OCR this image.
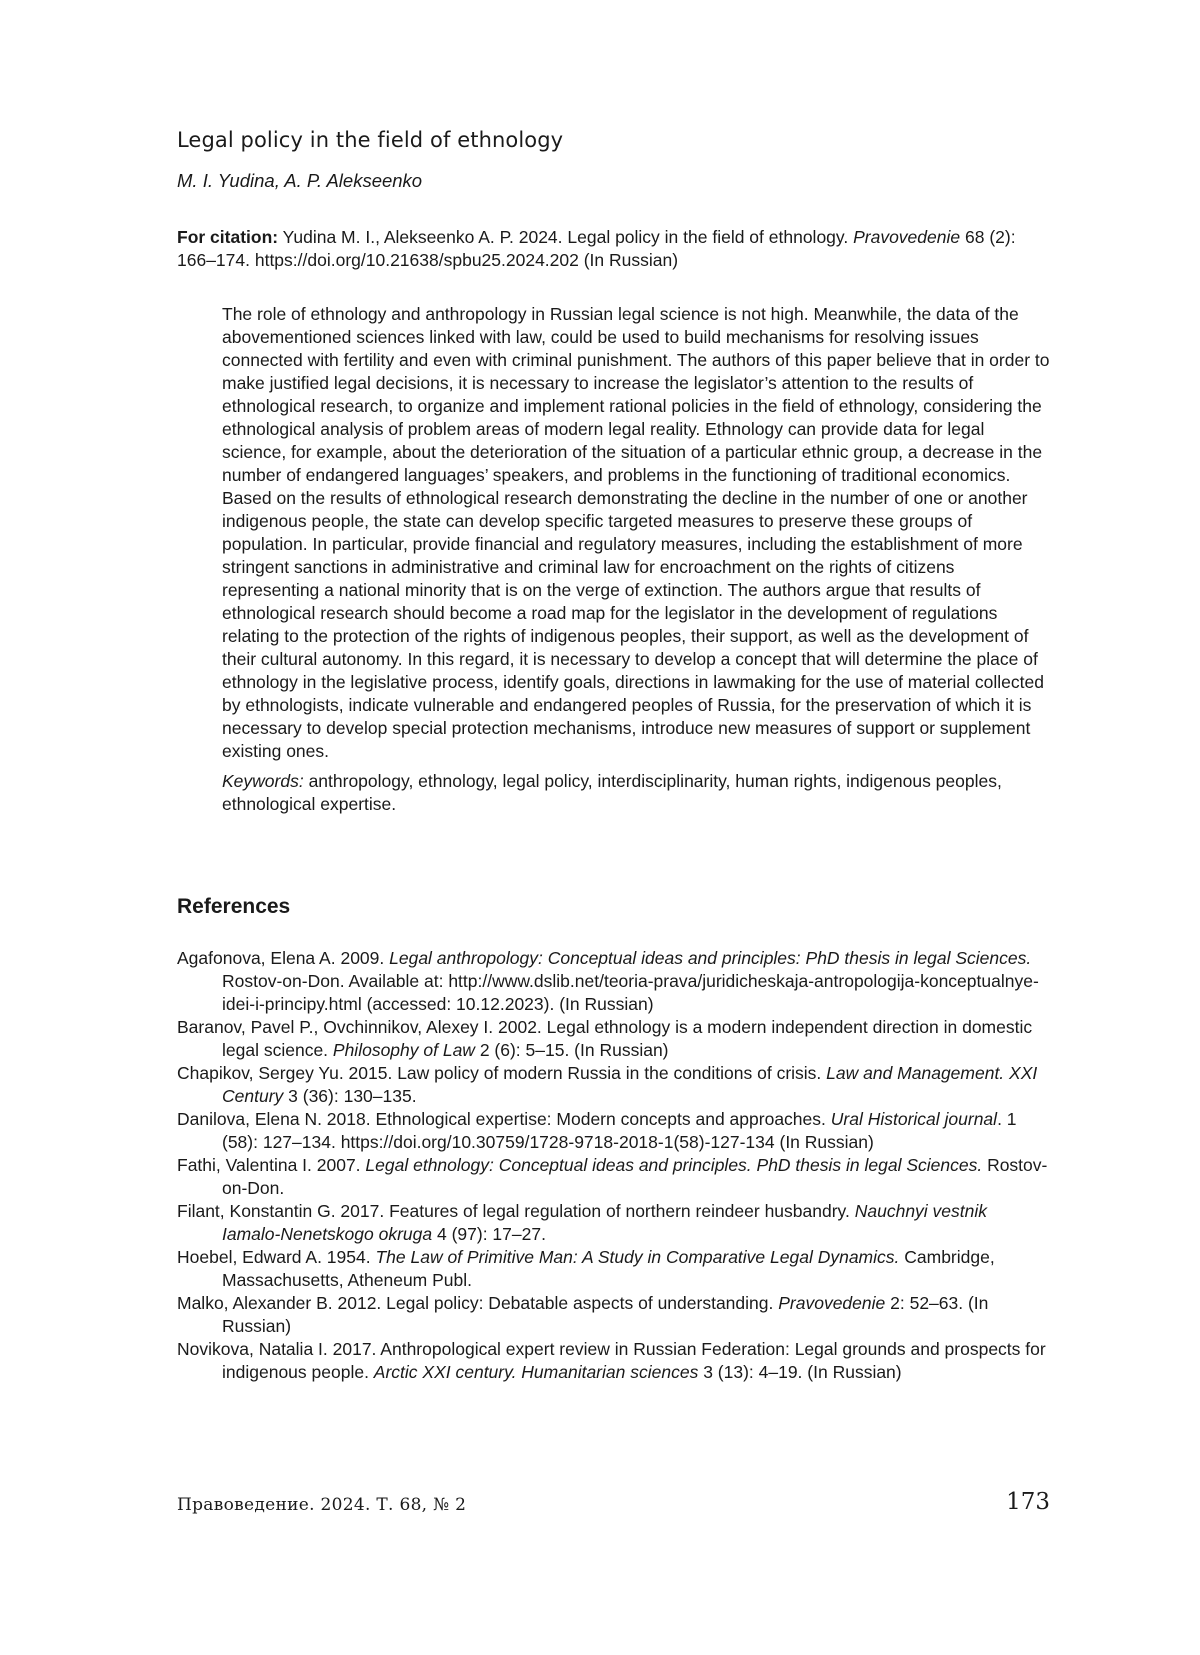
Legal policy in the field of ethnology

M. I. Yudina, A. P. Alekseenko

For citation: Yudina M. I., Alekseenko A. P. 2024. Legal policy in the field of ethnology. Pravovedenie 68 (2): 166–174. https://doi.org/10.21638/spbu25.2024.202 (In Russian)

The role of ethnology and anthropology in Russian legal science is not high. Meanwhile, the data of the abovementioned sciences linked with law, could be used to build mechanisms for resolving issues connected with fertility and even with criminal punishment. The authors of this paper believe that in order to make justified legal decisions, it is necessary to increase the legislator’s attention to the results of ethnological research, to organize and implement rational policies in the field of ethnology, considering the ethnological analysis of problem areas of modern legal reality. Ethnology can provide data for legal science, for example, about the deterioration of the situation of a particular ethnic group, a decrease in the number of endangered languages’ speakers, and problems in the functioning of traditional economics. Based on the results of ethnological research demonstrating the decline in the number of one or another indigenous people, the state can develop specific targeted measures to preserve these groups of population. In particular, provide financial and regulatory measures, including the establishment of more stringent sanctions in administrative and criminal law for encroachment on the rights of citizens representing a national minority that is on the verge of extinction. The authors argue that results of ethnological research should become a road map for the legislator in the development of regulations relating to the protection of the rights of indigenous peoples, their support, as well as the development of their cultural autonomy. In this regard, it is necessary to develop a concept that will determine the place of ethnology in the legislative process, identify goals, directions in lawmaking for the use of material collected by ethnologists, indicate vulnerable and endangered peoples of Russia, for the preservation of which it is necessary to develop special protection mechanisms, introduce new measures of support or supplement existing ones.

Keywords: anthropology, ethnology, legal policy, interdisciplinarity, human rights, indigenous peoples, ethnological expertise.

References
Agafonova, Elena A. 2009. Legal anthropology: Conceptual ideas and principles: PhD thesis in legal Sciences. Rostov-on-Don. Available at: http://www.dslib.net/teoria-prava/juridicheskaja-antropologija-konceptualnye-idei-i-principy.html (accessed: 10.12.2023). (In Russian)
Baranov, Pavel P., Ovchinnikov, Alexey I. 2002. Legal ethnology is a modern independent direction in domestic legal science. Philosophy of Law 2 (6): 5–15. (In Russian)
Chapikov, Sergey Yu. 2015. Law policy of modern Russia in the conditions of crisis. Law and Management. XXI Century 3 (36): 130–135.
Danilova, Elena N. 2018. Ethnological expertise: Modern concepts and approaches. Ural Historical journal. 1 (58): 127–134. https://doi.org/10.30759/1728-9718-2018-1(58)-127-134 (In Russian)
Fathi, Valentina I. 2007. Legal ethnology: Conceptual ideas and principles. PhD thesis in legal Sciences. Rostov-on-Don.
Filant, Konstantin G. 2017. Features of legal regulation of northern reindeer husbandry. Nauchnyi vestnik Iamalo-Nenetskogo okruga 4 (97): 17–27.
Hoebel, Edward A. 1954. The Law of Primitive Man: A Study in Comparative Legal Dynamics. Cambridge, Massachusetts, Atheneum Publ.
Malko, Alexander B. 2012. Legal policy: Debatable aspects of understanding. Pravovedenie 2: 52–63. (In Russian)
Novikova, Natalia I. 2017. Anthropological expert review in Russian Federation: Legal grounds and prospects for indigenous people. Arctic XXI century. Humanitarian sciences 3 (13): 4–19. (In Russian)
Правоведение. 2024. Т. 68, № 2	173
